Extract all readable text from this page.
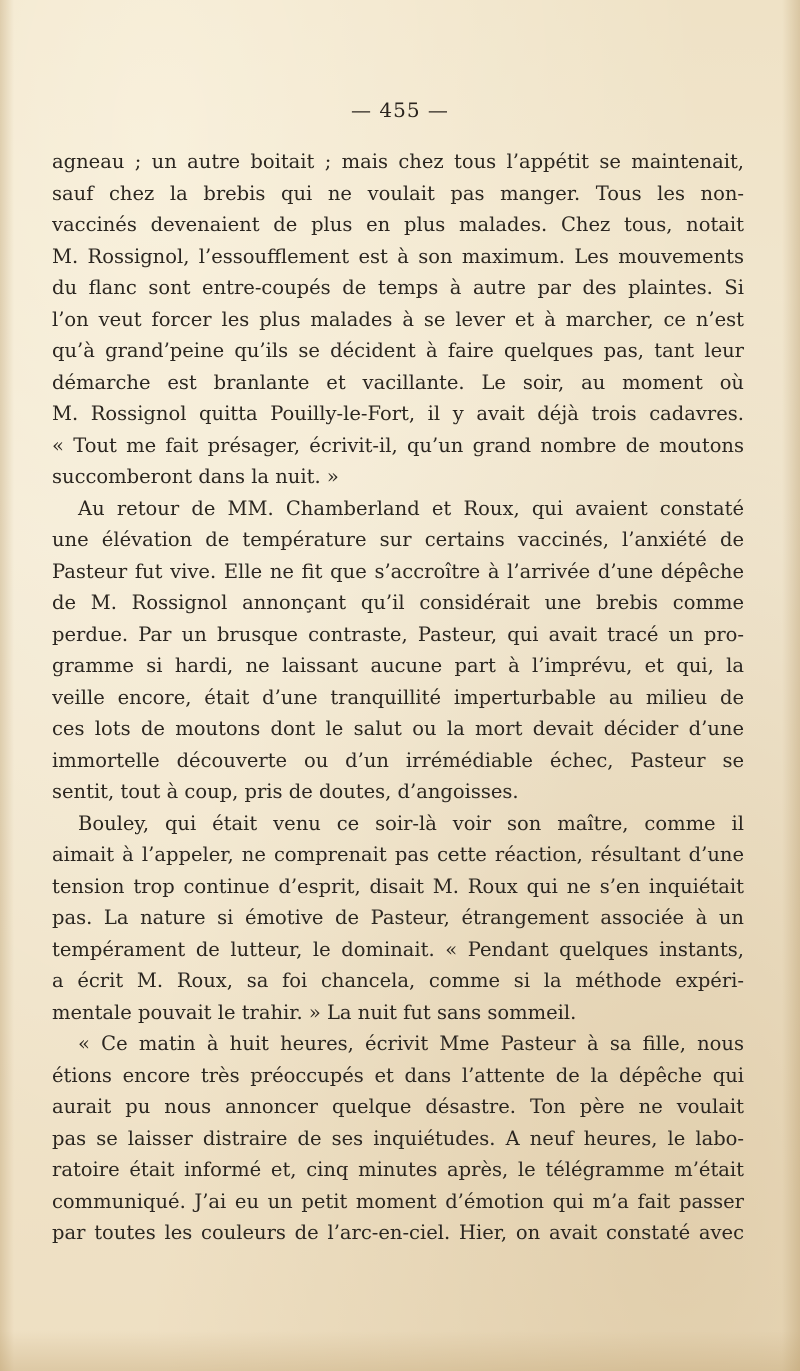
— 455 —
agneau ; un autre boitait ; mais chez tous l’appétit se maintenait,
sauf chez la brebis qui ne voulait pas manger. Tous les non-
vaccinés devenaient de plus en plus malades. Chez tous, notait
M. Rossignol, l’essoufflement est à son maximum. Les mouvements
du flanc sont entre-coupés de temps à autre par des plaintes. Si
l’on veut forcer les plus malades à se lever et à marcher, ce n’est
qu’à grand’peine qu’ils se décident à faire quelques pas, tant leur
démarche est branlante et vacillante. Le soir, au moment où
M. Rossignol quitta Pouilly-le-Fort, il y avait déjà trois cadavres.
« Tout me fait présager, écrivit-il, qu’un grand nombre de moutons
succomberont dans la nuit. »
Au retour de MM. Chamberland et Roux, qui avaient constaté
une élévation de température sur certains vaccinés, l’anxiété de
Pasteur fut vive. Elle ne fit que s’accroître à l’arrivée d’une dépêche
de M. Rossignol annonçant qu’il considérait une brebis comme
perdue. Par un brusque contraste, Pasteur, qui avait tracé un pro-
gramme si hardi, ne laissant aucune part à l’imprévu, et qui, la
veille encore, était d’une tranquillité imperturbable au milieu de
ces lots de moutons dont le salut ou la mort devait décider d’une
immortelle découverte ou d’un irrémédiable échec, Pasteur se
sentit, tout à coup, pris de doutes, d’angoisses.
Bouley, qui était venu ce soir-là voir son maître, comme il
aimait à l’appeler, ne comprenait pas cette réaction, résultant d’une
tension trop continue d’esprit, disait M. Roux qui ne s’en inquiétait
pas. La nature si émotive de Pasteur, étrangement associée à un
tempérament de lutteur, le dominait. « Pendant quelques instants,
a écrit M. Roux, sa foi chancela, comme si la méthode expéri-
mentale pouvait le trahir. » La nuit fut sans sommeil.
« Ce matin à huit heures, écrivit Mme Pasteur à sa fille, nous
étions encore très préoccupés et dans l’attente de la dépêche qui
aurait pu nous annoncer quelque désastre. Ton père ne voulait
pas se laisser distraire de ses inquiétudes. A neuf heures, le labo-
ratoire était informé et, cinq minutes après, le télégramme m’était
communiqué. J’ai eu un petit moment d’émotion qui m’a fait passer
par toutes les couleurs de l’arc-en-ciel. Hier, on avait constaté avec
